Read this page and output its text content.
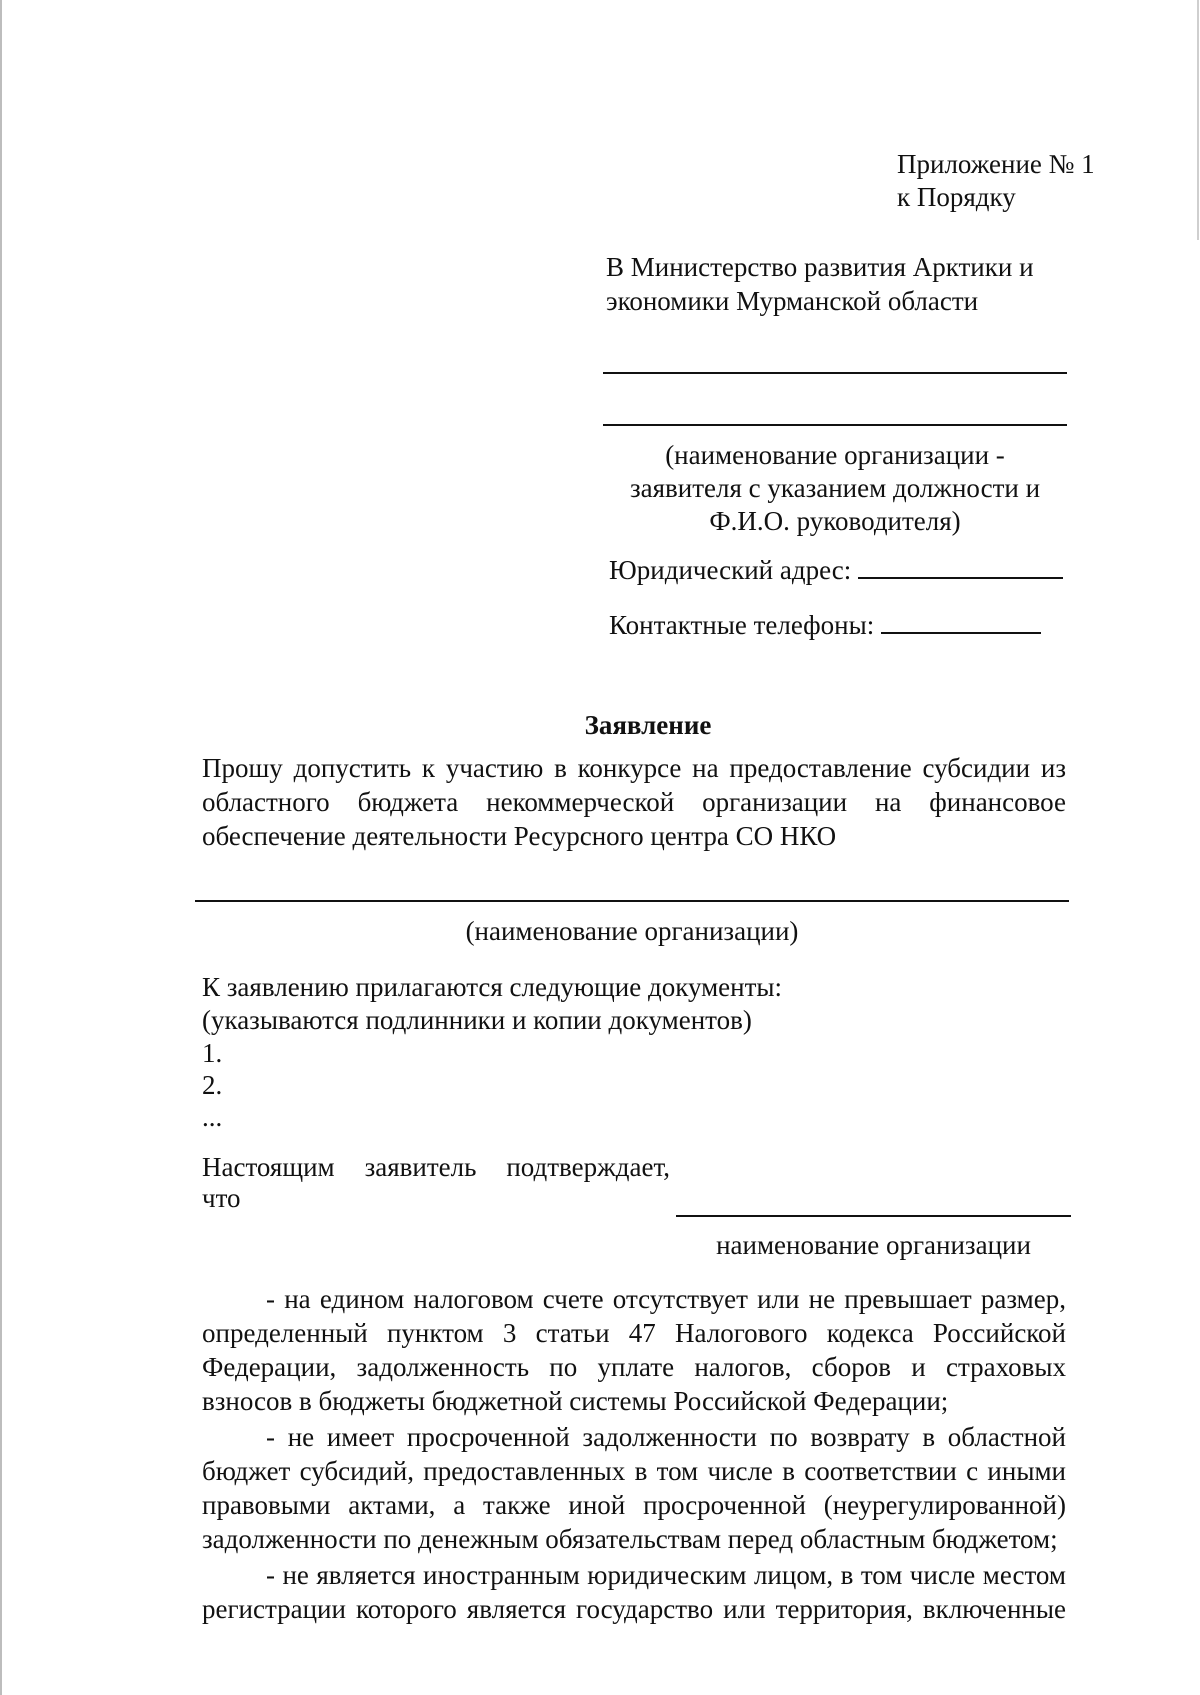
Приложение № 1
к Порядку
В Министерство развития Арктики и
экономики Мурманской области
(наименование организации -
заявителя с указанием должности и
Ф.И.О. руководителя)
Юридический адрес:
Контактные телефоны:
Заявление
Прошу допустить к участию в конкурсе на предоставление субсидии из
областного бюджета некоммерческой организации на финансовое
обеспечение деятельности Ресурсного центра СО НКО
(наименование организации)
К заявлению прилагаются следующие документы:
(указываются подлинники и копии документов)
1.
2.
...
Настоящим заявитель подтверждает,
что
наименование организации

- на едином налоговом счете отсутствует или не превышает размер, определенный пунктом 3 статьи 47 Налогового кодекса Российской Федерации, задолженность по уплате налогов, сборов и страховых взносов в бюджеты бюджетной системы Российской Федерации;

- не имеет просроченной задолженности по возврату в областной бюджет субсидий, предоставленных в том числе в соответствии с иными правовыми актами, а также иной просроченной (неурегулированной) задолженности по денежным обязательствам перед областным бюджетом;

- не является иностранным юридическим лицом, в том числе местом регистрации которого является государство или территория, включенные
